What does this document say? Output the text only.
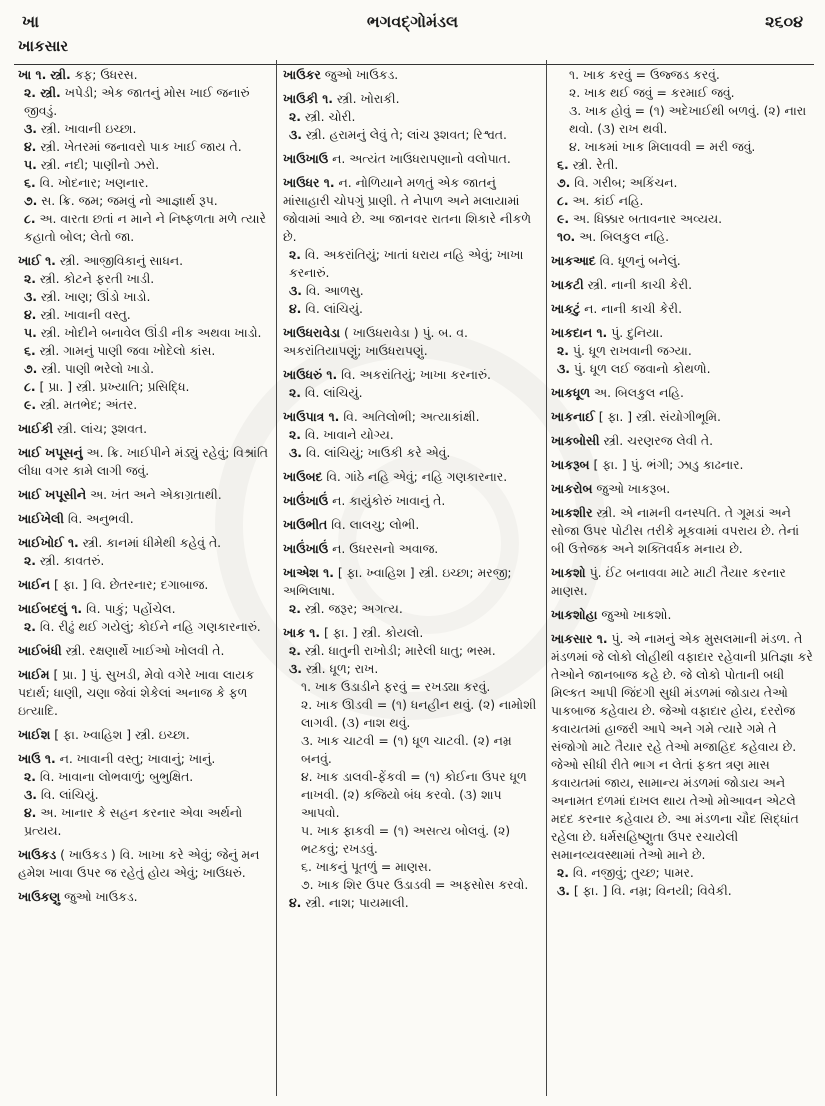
ભગવદ્ગોમંડલ
ખા	૨૬૦૪
ખાકસાર

ખા ૧. સ્ત્રી. કફ; ઉધરસ.

૨. સ્ત્રી. ખપેડી; એક જાતનું મોસ ખાઈ જનારું જીવડું.

૩. સ્ત્રી. ખાવાની ઇચ્છા.

૪. સ્ત્રી. ખેતરમાં જનાવરો પાક ખાઈ જાય તે.

૫. સ્ત્રી. નદી; પાણીનો ઝરો.

૬. વિ. ખોદનાર; ખણનાર.

૭. સ. ક્રિ. જમ; જમવું નો આજ્ઞાર્થ રૂપ.

૮. અ. વારતા છતાં ન માને ને નિષ્ફળતા મળે ત્યારે કહાતો બોલ; લેતો જા.

ખાઈ ૧. સ્ત્રી. આજીવિકાનું સાધન.

૨. સ્ત્રી. કોટને ફરતી ખાડી.

૩. સ્ત્રી. ખાણ; ઊંડો ખાડો.

૪. સ્ત્રી. ખાવાની વસ્તુ.

૫. સ્ત્રી. ખોદીને બનાવેલ ઊંડી નીક અથવા ખાડો.

૬. સ્ત્રી. ગામનું પાણી જવા ખોદેલો કાંસ.

૭. સ્ત્રી. પાણી ભરેલો ખાડો.

૮. [ પ્રા. ] સ્ત્રી. પ્રખ્યાતિ; પ્રસિદ્ધિ.

૯. સ્ત્રી. મતભેદ; અંતર.

ખાઈકી સ્ત્રી. લાંચ; રૂશવત.

ખાઈ ખપૂસનું અ. ક્રિ. ખાઈપીને મંડ્યું રહેવું; વિશ્રાંતિ લીધા વગર કામે લાગી જવું.

ખાઈ ખપૂસીને અ. ખંત અને એકાગ્રતાથી.

ખાઈખેલી વિ. અનુભવી.

ખાઈખોઈ ૧. સ્ત્રી. કાનમાં ધીમેથી કહેવું તે.

૨. સ્ત્રી. કાવતરું.

ખાઈન [ ફા. ] વિ. છેતરનાર; દગાબાજ.

ખાઈબદલું ૧. વિ. પાકું; પહોંચેલ.

૨. વિ. રીઢું થઈ ગયેલું; કોઈને નહિ ગણકારનારું.

ખાઈબંધી સ્ત્રી. રક્ષણાર્થે ખાઈઓ ખોલવી તે.

ખાઈમ [ પ્રા. ] પું. સુખડી, મેવો વગેરે ખાવા લાયક પદાર્થ; ધાણી, ચણા જેવાં શેકેલાં અનાજ કે ફળ ઇત્યાદિ.

ખાઈશ [ ફા. ખ્વાહિશ ] સ્ત્રી. ઇચ્છા.

ખાઉ ૧. ન. ખાવાની વસ્તુ; ખાવાનું; ખાનું.

૨. વિ. ખાવાના લોભવાળું; બુભુક્ષિત.

૩. વિ. લાંચિયું.

૪. અ. ખાનાર કે સહન કરનાર એવા અર્થનો પ્રત્યય.

ખાઉકડ ( ખાઉકડ ) વિ. ખાખા કરે એવું; જેનું મન હમેશ ખાવા ઉપર જ રહેતું હોય એવું; ખાઉધરું.

ખાઉકણુ જુઓ ખાઉકડ.

ખાઉકર જુઓ ખાઉકડ.

ખાઉકી ૧. સ્ત્રી. ખોરાકી.

૨. સ્ત્રી. ચોરી.

૩. સ્ત્રી. હરામનું લેવું તે; લાંચ રૂશવત; રિશ્વત.

ખાઉખાઉ ન. અત્યંત ખાઉધરાપણાનો વલોપાત.

ખાઉધર ૧. ન. નોળિયાને મળતું એક જાતનું માંસાહારી ચોપગું પ્રાણી. તે નેપાળ અને મલાયામાં જોવામાં આવે છે. આ જાનવર રાતના શિકારે નીકળે છે.

૨. વિ. અકરાંતિયું; ખાતાં ધરાય નહિ એવું; ખાખા કરનારું.

૩. વિ. આળસુ.

૪. વિ. લાંચિયું.

ખાઉધરાવેડા ( ખાઉધરાવેડા ) પું. બ. વ. અકરાંતિયાપણું; ખાઉધરાપણું.

ખાઉધરું ૧. વિ. અકરાંતિયું; ખાખા કરનારું.

૨. વિ. લાંચિયું.

ખાઉપાત્ર ૧. વિ. અતિલોભી; અત્યાકાંક્ષી.

૨. વિ. ખાવાને યોગ્ય.

૩. વિ. લાંચિયું; ખાઉકી કરે એવું.

ખાઉબદ વિ. ગાંઠે નહિ એવું; નહિ ગણકારનાર.

ખાઉંખાઉં ન. કાયુંકોરું ખાવાનું તે.

ખાઉભીત વિ. લાલચુ; લોભી.

ખાઉંખાઉં ન. ઉધરસનો અવાજ.

ખાએશ ૧. [ ફા. ખ્વાહિશ ] સ્ત્રી. ઇચ્છા; મરજી; અભિલાષા.

૨. સ્ત્રી. જરૂર; અગત્ય.

ખાક ૧. [ ફા. ] સ્ત્રી. કોયલો.

૨. સ્ત્રી. ધાતુની રાખોડી; મારેલી ધાતુ; ભસ્મ.

૩. સ્ત્રી. ધૂળ; રાખ.

૧. ખાક ઉડાડીને ફરવું = રખડ્યા કરવું.

૨. ખાક ઊડવી = (૧) ધનહીન થવું. (૨) નામોશી લાગવી. (૩) નાશ થવું.

૩. ખાક ચાટવી = (૧) ધૂળ ચાટવી. (૨) નમ્ર બનવું.

૪. ખાક ડાલવી-ફેંકવી = (૧) કોઈના ઉપર ધૂળ નાખવી. (૨) કજિયો બંધ કરવો. (૩) શાપ આપવો.

૫. ખાક ફાકવી = (૧) અસત્ય બોલવું. (૨) ભટકવું; રખડવું.

૬. ખાકનું પૂતળું = માણસ.

૭. ખાક શિર ઉપર ઉડાડવી = અફસોસ કરવો.

૪. સ્ત્રી. નાશ; પાયમાલી.

૧. ખાક કરવું = ઉજ્જડ કરવું.

૨. ખાક થઈ જવું = કરમાઈ જવું.

૩. ખાક હોવું = (૧) અદેખાઈથી બળવું. (૨) નારા થવો. (૩) રાખ થવી.

૪. ખાકમાં ખાક મિલાવવી = મરી જવું.

૬. સ્ત્રી. રેતી.

૭. વિ. ગરીબ; અકિંચન.

૮. અ. કાંઈ નહિ.

૯. અ. ધિક્કાર બતાવનાર અવ્યય.

૧૦. અ. બિલકુલ નહિ.

ખાકઆદ વિ. ધૂળનું બનેલું.

ખાકટી સ્ત્રી. નાની કાચી કેરી.

ખાકટું ન. નાની કાચી કેરી.

ખાકદાન ૧. પું. દુનિયા.

૨. પું. ધૂળ રાખવાની જગ્યા.

૩. પું. ધૂળ લઈ જવાનો કોથળો.

ખાકધૂળ અ. બિલકુલ નહિ.

ખાકનાઈ [ ફા. ] સ્ત્રી. સંયોગીભૂમિ.

ખાકબોસી સ્ત્રી. ચરણરજ લેવી તે.

ખાકરૂબ [ ફા. ] પું. ભંગી; ઝાડુ કાઢનાર.

ખાકરોબ જુઓ ખાકરૂબ.

ખાકશીર સ્ત્રી. એ નામની વનસ્પતિ. તે ગૂમડાં અને સોજા ઉપર પોટીસ તરીકે મૂકવામાં વપરાય છે. તેનાં બી ઉત્તેજક અને શક્તિવર્ધક મનાય છે.

ખાકશો પું. ઈંટ બનાવવા માટે માટી તૈયાર કરનાર માણસ.

ખાકશોહા જુઓ ખાકશો.

ખાકસાર ૧. પું. એ નામનું એક મુસલમાની મંડળ. તે મંડળમાં જે લોકો લોહીથી વફાદાર રહેવાની પ્રતિજ્ઞા કરે તેઓને જાનબાજ કહે છે. જે લોકો પોતાની બધી મિલ્કત આપી જિંદગી સુધી મંડળમાં જોડાય તેઓ પાકબાજ કહેવાય છે. જેઓ વફાદાર હોય, દરરોજ કવાયતમાં હાજરી આપે અને ગમે ત્યારે ગમે તે સંજોગો માટે તૈયાર રહે તેઓ મજાહિદ કહેવાય છે. જેઓ સીધી રીતે ભાગ ન લેતાં ફક્ત ત્રણ માસ કવાયતમાં જાય, સામાન્ય મંડળમાં જોડાય અને અનામત દળમાં દાખલ થાય તેઓ મોઆવન એટલે મદદ કરનાર કહેવાય છે. આ મંડળના ચૌદ સિદ્ધાંત રહેલા છે. ધર્મસહિષ્ણુતા ઉપર રચાયેલી સમાનવ્યવસ્થામાં તેઓ માને છે.

૨. વિ. નજીવું; તુચ્છ; પામર.

૩. [ ફા. ] વિ. નમ્ર; વિનયી; વિવેકી.
